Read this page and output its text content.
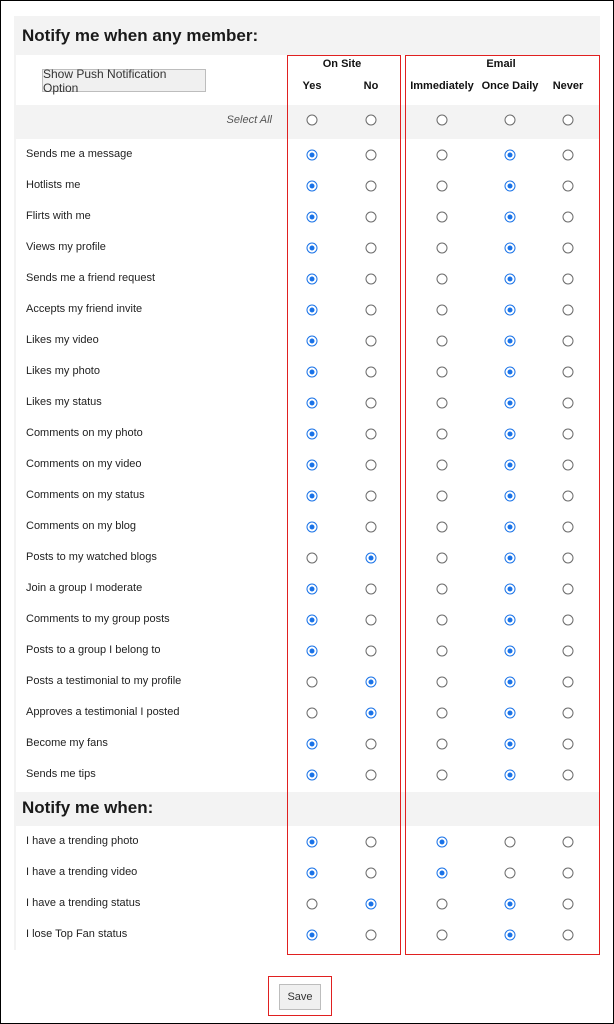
Notify me when any member:
Show Push Notification Option
On Site	Email
Yes	No	Immediately Once Daily Never
Select All
Sends me a message
Hotlists me
Flirts with me
Views my profile
Sends me a friend request
Accepts my friend invite
Likes my video
Likes my photo
Likes my status
Comments on my photo
Comments on my video
Comments on my status
Comments on my blog
Posts to my watched blogs
Join a group I moderate
Comments to my group posts
Posts to a group I belong to
Posts a testimonial to my profile
Approves a testimonial I posted
Become my fans
Sends me tips
Notify me when:
I have a trending photo
I have a trending video
I have a trending status
I lose Top Fan status
Save
